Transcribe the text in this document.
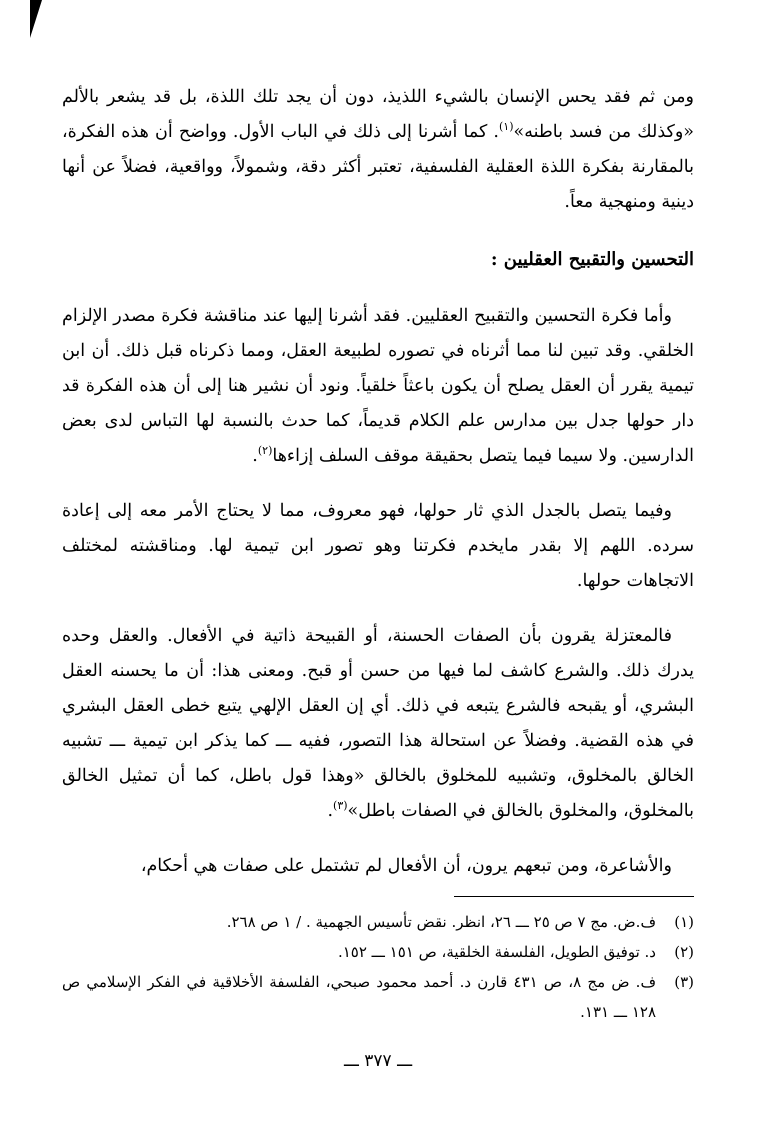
ومن ثم فقد يحس الإنسان بالشيء اللذيذ، دون أن يجد تلك اللذة، بل قد يشعر بالألم «وكذلك من فسد باطنه»$^{(١)}$. كما أشرنا إلى ذلك في الباب الأول. وواضح أن هذه الفكرة، بالمقارنة بفكرة اللذة العقلية الفلسفية، تعتبر أكثر دقة، وشمولاً، وواقعية، فضلاً عن أنها دينية ومنهجية معاً.

التحسين والتقبيح العقليين :

وأما فكرة التحسين والتقبيح العقليين. فقد أشرنا إليها عند مناقشة فكرة مصدر الإلزام الخلقي. وقد تبين لنا مما أثرناه في تصوره لطبيعة العقل، ومما ذكرناه قبل ذلك. أن ابن تيمية يقرر أن العقل يصلح أن يكون باعثاً خلقياً. ونود أن نشير هنا إلى أن هذه الفكرة قد دار حولها جدل بين مدارس علم الكلام قديماً، كما حدث بالنسبة لها التباس لدى بعض الدارسين. ولا سيما فيما يتصل بحقيقة موقف السلف إزاءها$^{(٢)}$.

وفيما يتصل بالجدل الذي ثار حولها، فهو معروف، مما لا يحتاج الأمر معه إلى إعادة سرده. اللهم إلا بقدر مايخدم فكرتنا وهو تصور ابن تيمية لها. ومناقشته لمختلف الاتجاهات حولها.

فالمعتزلة يقرون بأن الصفات الحسنة، أو القبيحة ذاتية في الأفعال. والعقل وحده يدرك ذلك. والشرع كاشف لما فيها من حسن أو قبح. ومعنى هذا: أن ما يحسنه العقل البشري، أو يقبحه فالشرع يتبعه في ذلك. أي إن العقل الإلهي يتبع خطى العقل البشري في هذه القضية. وفضلاً عن استحالة هذا التصور، ففيه ـــ كما يذكر ابن تيمية ـــ تشبيه الخالق بالمخلوق، وتشبيه للمخلوق بالخالق «وهذا قول باطل، كما أن تمثيل الخالق بالمخلوق، والمخلوق بالخالق في الصفات باطل»$^{(٣)}$.

والأشاعرة، ومن تبعهم يرون، أن الأفعال لم تشتمل على صفات هي أحكام،

(١)
ف.ض. مج ٧ ص ٢٥ ـــ ٢٦، انظر. نقض تأسيس الجهمية . / ١ ص ٢٦٨.
(٢)
د. توفيق الطويل، الفلسفة الخلقية، ص ١٥١ ـــ ١٥٢.
(٣)
ف. ض مج ٨، ص ٤٣١ قارن د. أحمد محمود صبحي، الفلسفة الأخلاقية في الفكر الإسلامي ص ١٢٨ ـــ ١٣١.
ـــ ٣٧٧ ـــ
